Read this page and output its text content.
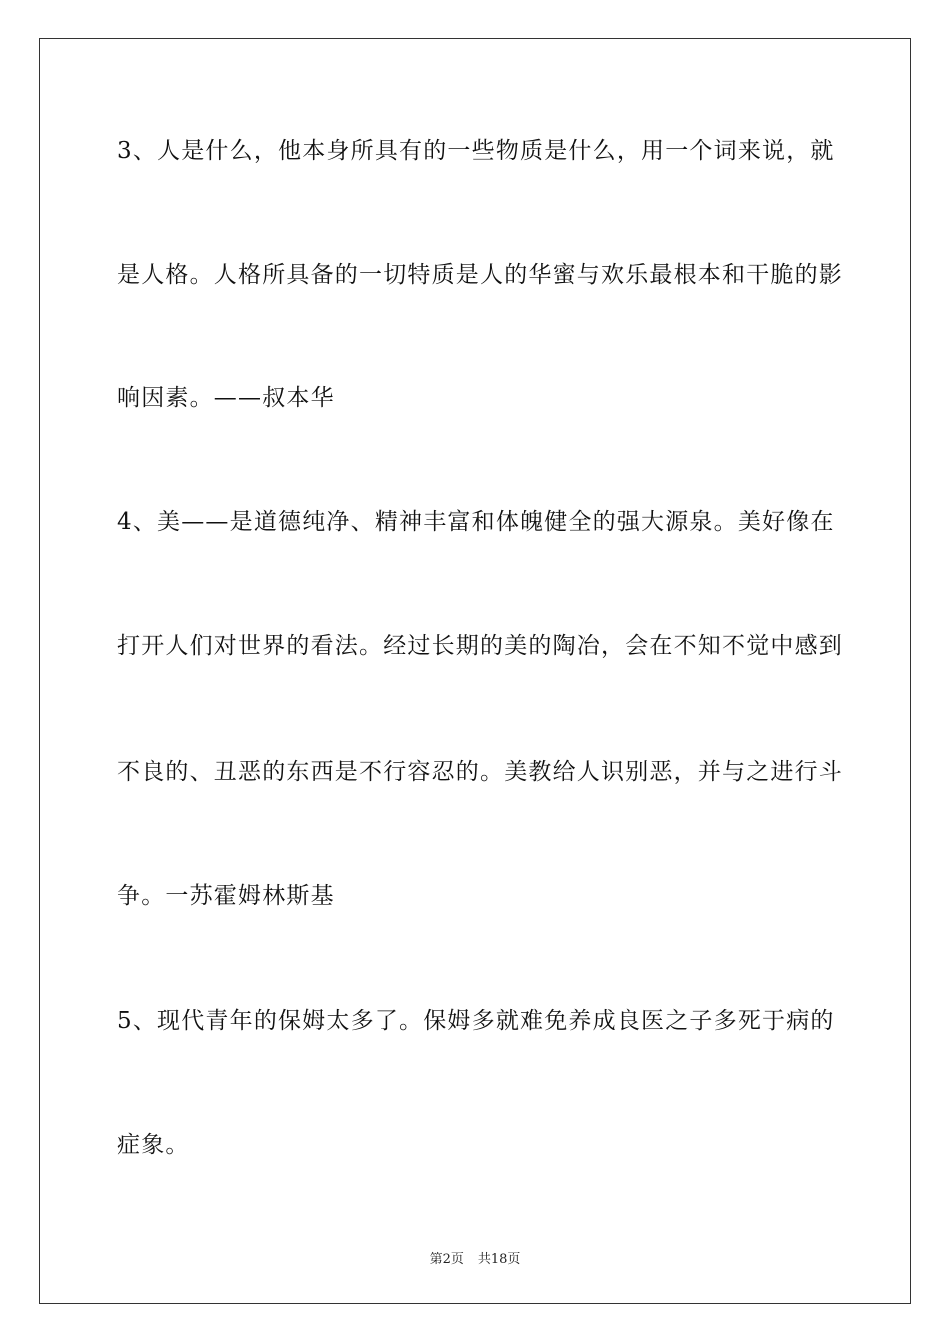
3、人是什么，他本身所具有的一些物质是什么，用一个词来说，就
是人格。人格所具备的一切特质是人的华蜜与欢乐最根本和干脆的影
响因素。——叔本华
4、美——是道德纯净、精神丰富和体魄健全的强大源泉。美好像在
打开人们对世界的看法。经过长期的美的陶冶，会在不知不觉中感到
不良的、丑恶的东西是不行容忍的。美教给人识别恶，并与之进行斗
争。一苏霍姆林斯基
5、现代青年的保姆太多了。保姆多就难免养成良医之子多死于病的
症象。
第2页 共18页
